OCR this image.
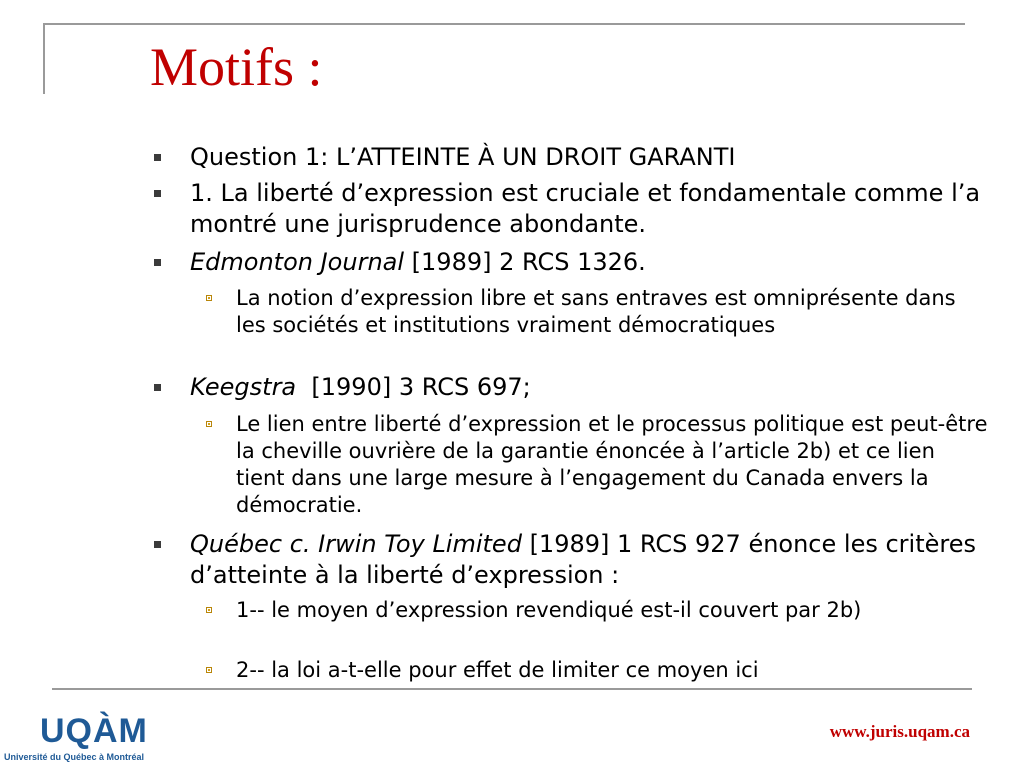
Motifs :
Question 1: L’ATTEINTE À UN DROIT GARANTI
1. La liberté d’expression est cruciale et fondamentale comme l’a montré une jurisprudence abondante.
Edmonton Journal [1989] 2 RCS 1326.
La notion d’expression libre et sans entraves est omniprésente dans les sociétés et institutions vraiment démocratiques
Keegstra  [1990] 3 RCS 697;
Le lien entre liberté d’expression et le processus politique est peut-être la cheville ouvrière de la garantie énoncée à l’article 2b) et ce lien tient dans une large mesure à l’engagement du Canada envers la démocratie.
Québec c. Irwin Toy Limited [1989] 1 RCS 927 énonce les critères d’atteinte à la liberté d’expression :
1-- le moyen d’expression revendiqué est-il couvert par 2b)
2-- la loi a-t-elle pour effet de limiter ce moyen ici
UQÀM
Université du Québec à Montréal
www.juris.uqam.ca
